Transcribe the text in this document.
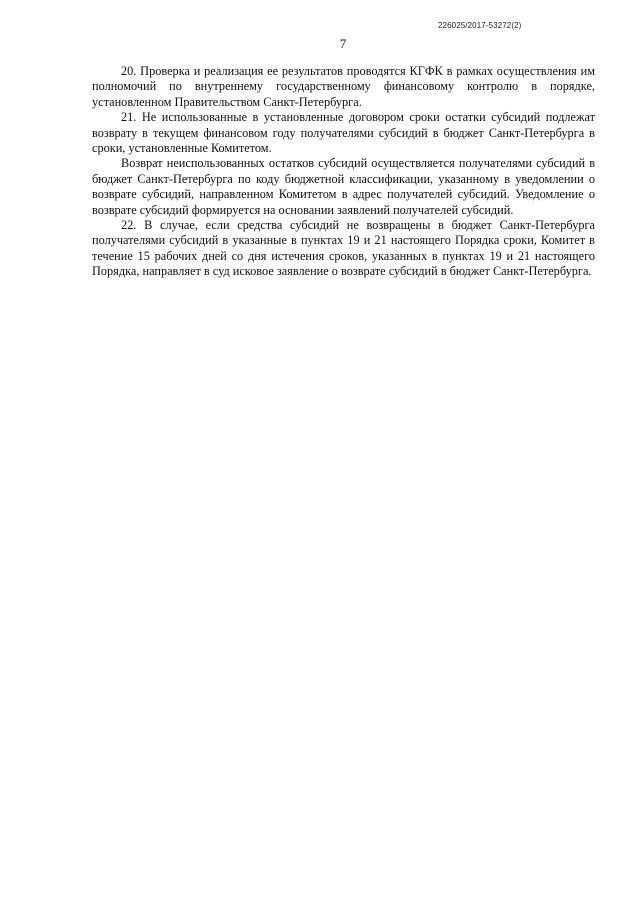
226025/2017-53272(2)
7

20. Проверка и реализация ее результатов проводятся КГФК в рамках осуществления им полномочий по внутреннему государственному финансовому контролю в порядке, установленном Правительством Санкт-Петербурга.

21. Не использованные в установленные договором сроки остатки субсидий подлежат возврату в текущем финансовом году получателями субсидий в бюджет Санкт-Петербурга в сроки, установленные Комитетом.

Возврат неиспользованных остатков субсидий осуществляется получателями субсидий в бюджет Санкт-Петербурга по коду бюджетной классификации, указанному в уведомлении о возврате субсидий, направленном Комитетом в адрес получателей субсидий. Уведомление о возврате субсидий формируется на основании заявлений получателей субсидий.

22. В случае, если средства субсидий не возвращены в бюджет Санкт-Петербурга получателями субсидий в указанные в пунктах 19 и 21 настоящего Порядка сроки, Комитет в течение 15 рабочих дней со дня истечения сроков, указанных в пунктах 19 и 21 настоящего Порядка, направляет в суд исковое заявление о возврате субсидий в бюджет Санкт-Петербурга.
